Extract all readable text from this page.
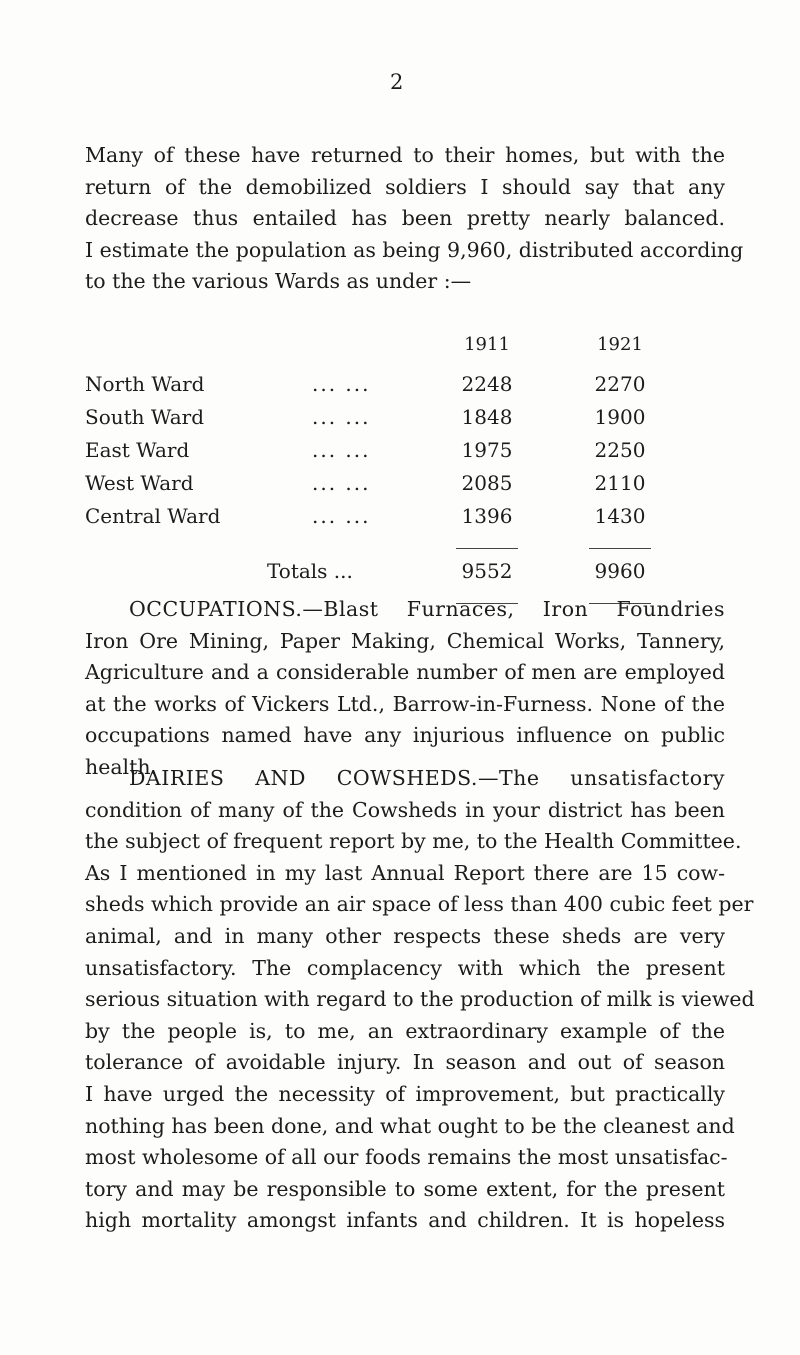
2
Many of these have returned to their homes, but with the
return of the demobilized soldiers I should say that any
decrease thus entailed has been pretty nearly balanced.
I estimate the population as being 9,960, distributed according
to the the various Wards as under :—
1911	1921
North Ward	... ...	2248	2270
South Ward	... ...	1848	1900
East Ward	... ...	1975	2250
West Ward	... ...	2085	2110
Central Ward	... ...	1396	1430
Totals ...	9552	9960
OCCUPATIONS.—Blast Furnaces, Iron Foundries
Iron Ore Mining, Paper Making, Chemical Works, Tannery,
Agriculture and a considerable number of men are employed
at the works of Vickers Ltd., Barrow-in-Furness. None of the
occupations named have any injurious influence on public
health.
DAIRIES AND COWSHEDS.—The unsatisfactory
condition of many of the Cowsheds in your district has been
the subject of frequent report by me, to the Health Committee.
As I mentioned in my last Annual Report there are 15 cow-
sheds which provide an air space of less than 400 cubic feet per
animal, and in many other respects these sheds are very
unsatisfactory. The complacency with which the present
serious situation with regard to the production of milk is viewed
by the people is, to me, an extraordinary example of the
tolerance of avoidable injury. In season and out of season
I have urged the necessity of improvement, but practically
nothing has been done, and what ought to be the cleanest and
most wholesome of all our foods remains the most unsatisfac-
tory and may be responsible to some extent, for the present
high mortality amongst infants and children. It is hopeless
